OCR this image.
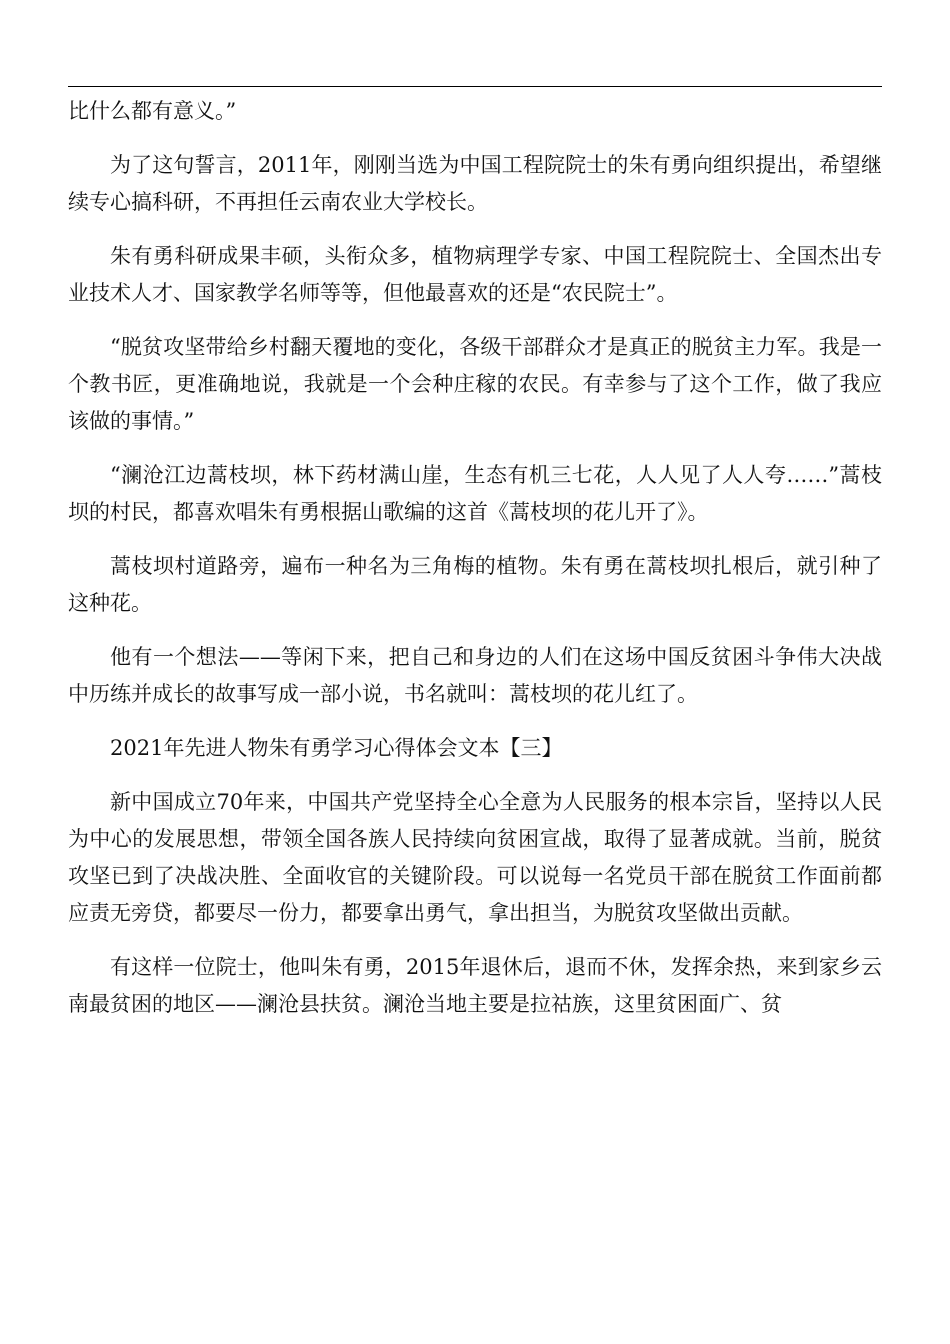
比什么都有意义。”

为了这句誓言，2011年，刚刚当选为中国工程院院士的朱有勇向组织提出，希望继续专心搞科研，不再担任云南农业大学校长。

朱有勇科研成果丰硕，头衔众多，植物病理学专家、中国工程院院士、全国杰出专业技术人才、国家教学名师等等，但他最喜欢的还是“农民院士”。

“脱贫攻坚带给乡村翻天覆地的变化，各级干部群众才是真正的脱贫主力军。我是一个教书匠，更准确地说，我就是一个会种庄稼的农民。有幸参与了这个工作，做了我应该做的事情。”

“澜沧江边蒿枝坝，林下药材满山崖，生态有机三七花，人人见了人人夸……”蒿枝坝的村民，都喜欢唱朱有勇根据山歌编的这首《蒿枝坝的花儿开了》。

蒿枝坝村道路旁，遍布一种名为三角梅的植物。朱有勇在蒿枝坝扎根后，就引种了这种花。

他有一个想法——等闲下来，把自己和身边的人们在这场中国反贫困斗争伟大决战中历练并成长的故事写成一部小说，书名就叫：蒿枝坝的花儿红了。

2021年先进人物朱有勇学习心得体会文本【三】

新中国成立70年来，中国共产党坚持全心全意为人民服务的根本宗旨，坚持以人民为中心的发展思想，带领全国各族人民持续向贫困宣战，取得了显著成就。当前，脱贫攻坚已到了决战决胜、全面收官的关键阶段。可以说每一名党员干部在脱贫工作面前都应责无旁贷，都要尽一份力，都要拿出勇气，拿出担当，为脱贫攻坚做出贡献。

有这样一位院士，他叫朱有勇，2015年退休后，退而不休，发挥余热，来到家乡云南最贫困的地区——澜沧县扶贫。澜沧当地主要是拉祜族，这里贫困面广、贫
